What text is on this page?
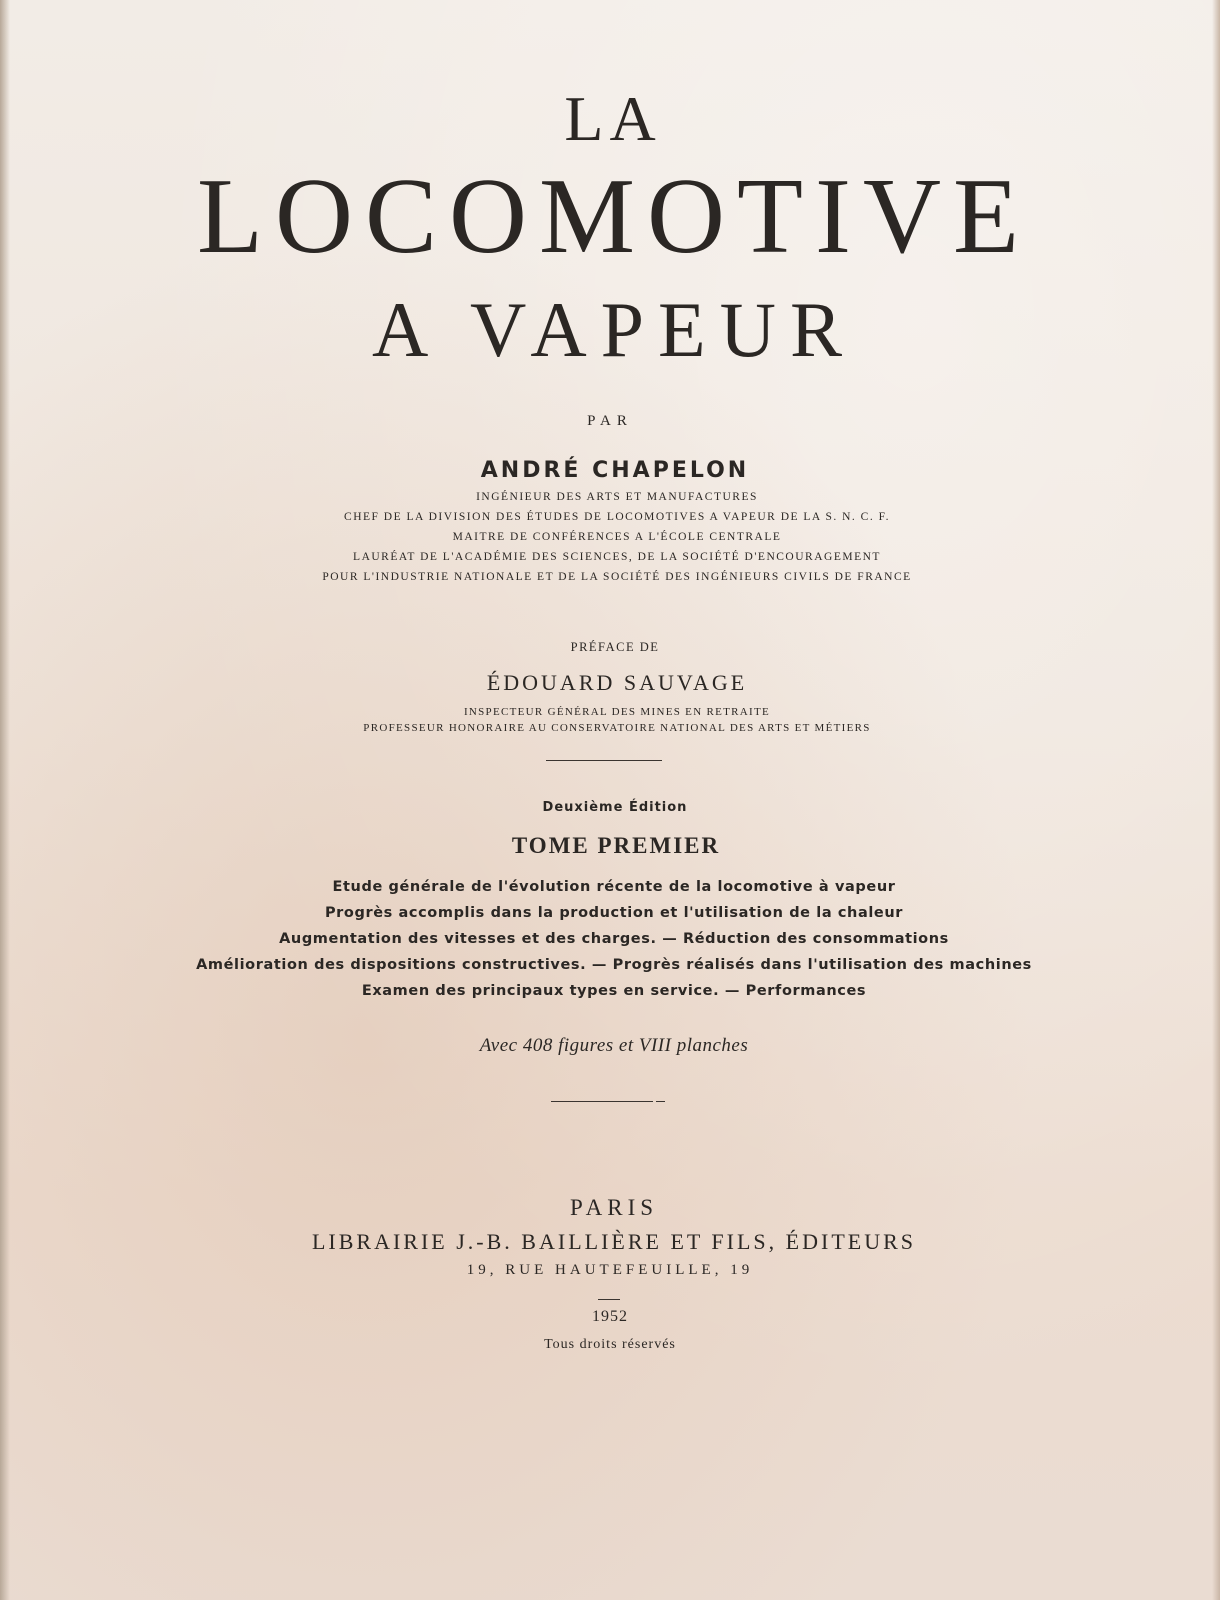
LA
LOCOMOTIVE
A VAPEUR
PAR
ANDRÉ CHAPELON
INGÉNIEUR DES ARTS ET MANUFACTURES
CHEF DE LA DIVISION DES ÉTUDES DE LOCOMOTIVES A VAPEUR DE LA S. N. C. F.
MAITRE DE CONFÉRENCES A L'ÉCOLE CENTRALE
LAURÉAT DE L'ACADÉMIE DES SCIENCES, DE LA SOCIÉTÉ D'ENCOURAGEMENT
POUR L'INDUSTRIE NATIONALE ET DE LA SOCIÉTÉ DES INGÉNIEURS CIVILS DE FRANCE
PRÉFACE DE
ÉDOUARD SAUVAGE
INSPECTEUR GÉNÉRAL DES MINES EN RETRAITE
PROFESSEUR HONORAIRE AU CONSERVATOIRE NATIONAL DES ARTS ET MÉTIERS
Deuxième Édition
TOME PREMIER
Etude générale de l'évolution récente de la locomotive à vapeur
Progrès accomplis dans la production et l'utilisation de la chaleur
Augmentation des vitesses et des charges. — Réduction des consommations
Amélioration des dispositions constructives. — Progrès réalisés dans l'utilisation des machines
Examen des principaux types en service. — Performances
Avec 408 figures et VIII planches
PARIS
LIBRAIRIE J.-B. BAILLIÈRE ET FILS, ÉDITEURS
19, RUE HAUTEFEUILLE, 19
1952
Tous droits réservés
